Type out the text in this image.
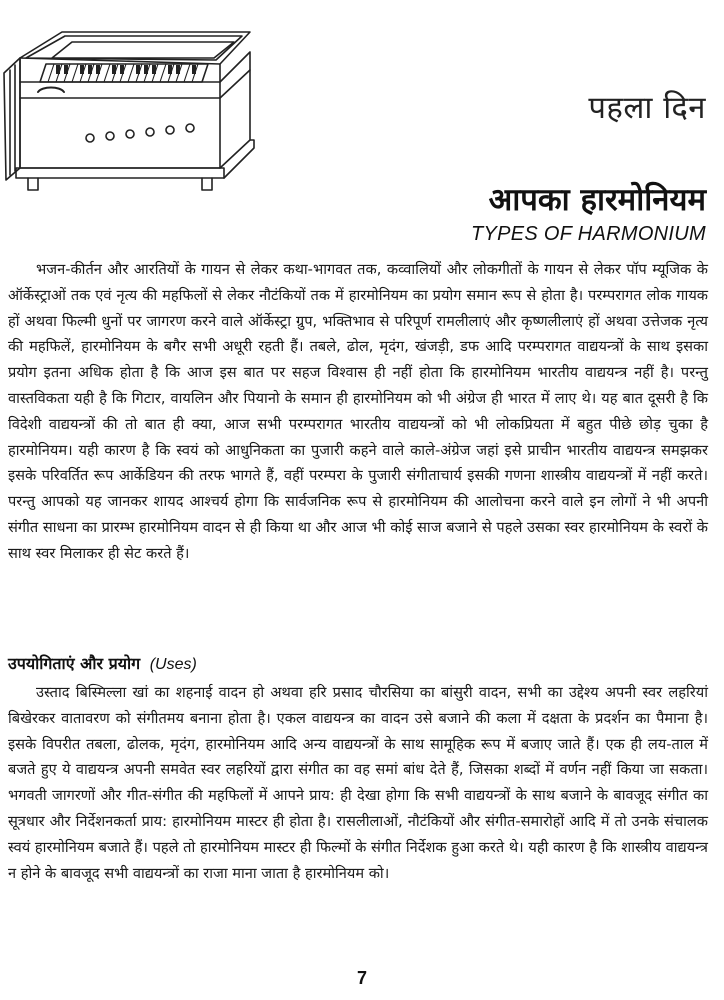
पहला दिन
आपका हारमोनियम
TYPES OF HARMONIUM

भजन-कीर्तन और आरतियों के गायन से लेकर कथा-भागवत तक, कव्वालियों और लोकगीतों के गायन से लेकर पॉप म्यूजिक के ऑर्केस्ट्राओं तक एवं नृत्य की महफिलों से लेकर नौटंकियों तक में हारमोनियम का प्रयोग समान रूप से होता है। परम्परागत लोक गायक हों अथवा फिल्मी धुनों पर जागरण करने वाले ऑर्केस्ट्रा ग्रुप, भक्तिभाव से परिपूर्ण रामलीलाएं और कृष्णलीलाएं हों अथवा उत्तेजक नृत्य की महफिलें, हारमोनियम के बगैर सभी अधूरी रहती हैं। तबले, ढोल, मृदंग, खंजड़ी, डफ आदि परम्परागत वाद्ययन्त्रों के साथ इसका प्रयोग इतना अधिक होता है कि आज इस बात पर सहज विश्वास ही नहीं होता कि हारमोनियम भारतीय वाद्ययन्त्र नहीं है। परन्तु वास्तविकता यही है कि गिटार, वायलिन और पियानो के समान ही हारमोनियम को भी अंग्रेज ही भारत में लाए थे। यह बात दूसरी है कि विदेशी वाद्ययन्त्रों की तो बात ही क्या, आज सभी परम्परागत भारतीय वाद्ययन्त्रों को भी लोकप्रियता में बहुत पीछे छोड़ चुका है हारमोनियम। यही कारण है कि स्वयं को आधुनिकता का पुजारी कहने वाले काले-अंग्रेज जहां इसे प्राचीन भारतीय वाद्ययन्त्र समझकर इसके परिवर्तित रूप आर्केडियन की तरफ भागते हैं, वहीं परम्परा के पुजारी संगीताचार्य इसकी गणना शास्त्रीय वाद्ययन्त्रों में नहीं करते। परन्तु आपको यह जानकर शायद आश्चर्य होगा कि सार्वजनिक रूप से हारमोनियम की आलोचना करने वाले इन लोगों ने भी अपनी संगीत साधना का प्रारम्भ हारमोनियम वादन से ही किया था और आज भी कोई साज बजाने से पहले उसका स्वर हारमोनियम के स्वरों के साथ स्वर मिलाकर ही सेट करते हैं।

उपयोगिताएं और प्रयोग (Uses)

उस्ताद बिस्मिल्ला खां का शहनाई वादन हो अथवा हरि प्रसाद चौरसिया का बांसुरी वादन, सभी का उद्देश्य अपनी स्वर लहरियां बिखेरकर वातावरण को संगीतमय बनाना होता है। एकल वाद्ययन्त्र का वादन उसे बजाने की कला में दक्षता के प्रदर्शन का पैमाना है। इसके विपरीत तबला, ढोलक, मृदंग, हारमोनियम आदि अन्य वाद्ययन्त्रों के साथ सामूहिक रूप में बजाए जाते हैं। एक ही लय-ताल में बजते हुए ये वाद्ययन्त्र अपनी समवेत स्वर लहरियों द्वारा संगीत का वह समां बांध देते हैं, जिसका शब्दों में वर्णन नहीं किया जा सकता। भगवती जागरणों और गीत-संगीत की महफिलों में आपने प्राय: ही देखा होगा कि सभी वाद्ययन्त्रों के साथ बजाने के बावजूद संगीत का सूत्रधार और निर्देशनकर्ता प्राय: हारमोनियम मास्टर ही होता है। रासलीलाओं, नौटंकियों और संगीत-समारोहों आदि में तो उनके संचालक स्वयं हारमोनियम बजाते हैं। पहले तो हारमोनियम मास्टर ही फिल्मों के संगीत निर्देशक हुआ करते थे। यही कारण है कि शास्त्रीय वाद्ययन्त्र न होने के बावजूद सभी वाद्ययन्त्रों का राजा माना जाता है हारमोनियम को।

7
